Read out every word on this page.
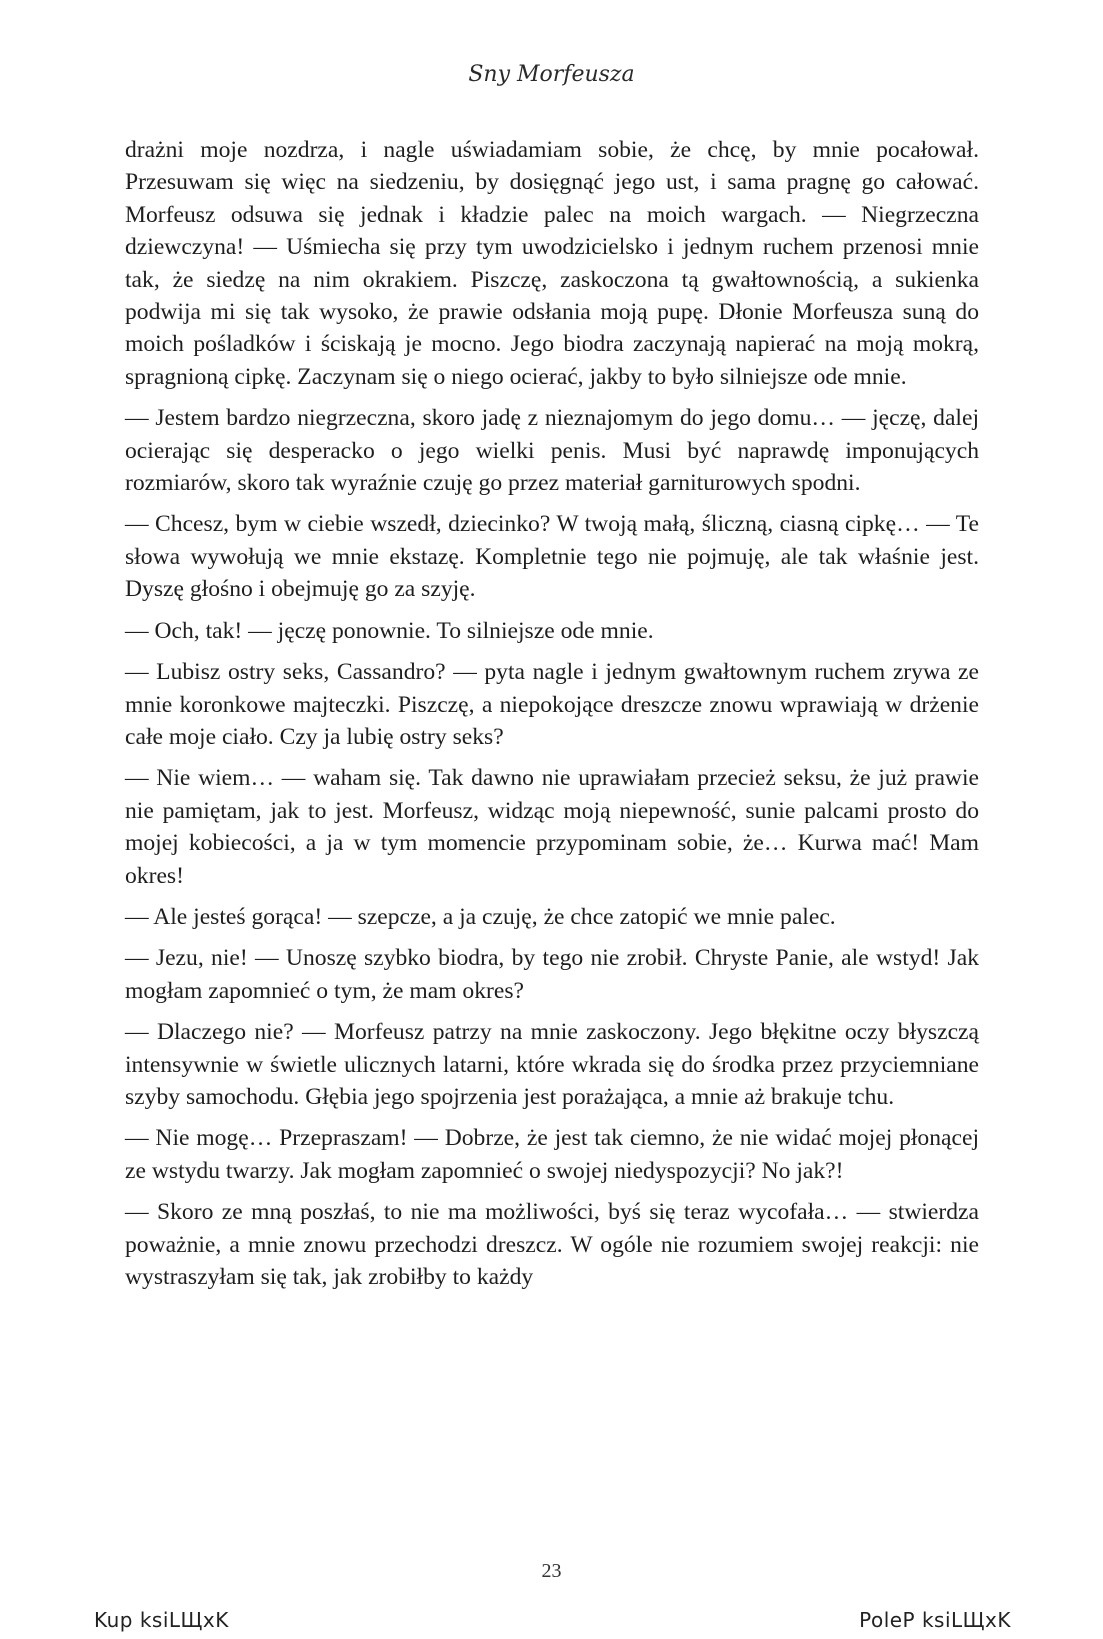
Sny Morfeusza

drażni moje nozdrza, i nagle uświadamiam sobie, że chcę, by mnie pocałował. Przesuwam się więc na siedzeniu, by dosięgnąć jego ust, i sama pragnę go całować. Morfeusz odsuwa się jednak i kładzie palec na moich wargach. — Niegrzeczna dziewczyna! — Uśmiecha się przy tym uwodzicielsko i jednym ruchem przenosi mnie tak, że siedzę na nim okrakiem. Piszczę, zaskoczona tą gwałtownością, a sukienka podwija mi się tak wysoko, że prawie odsłania moją pupę. Dłonie Morfeusza suną do moich pośladków i ściskają je mocno. Jego biodra zaczynają napierać na moją mokrą, spragnioną cipkę. Zaczynam się o niego ocierać, jakby to było silniejsze ode mnie.

— Jestem bardzo niegrzeczna, skoro jadę z nieznajomym do jego domu… — jęczę, dalej ocierając się desperacko o jego wielki penis. Musi być naprawdę imponujących rozmiarów, skoro tak wyraźnie czuję go przez materiał garniturowych spodni.

— Chcesz, bym w ciebie wszedł, dziecinko? W twoją małą, śliczną, ciasną cipkę… — Te słowa wywołują we mnie ekstazę. Kompletnie tego nie pojmuję, ale tak właśnie jest. Dyszę głośno i obejmuję go za szyję.

— Och, tak! — jęczę ponownie. To silniejsze ode mnie.

— Lubisz ostry seks, Cassandro? — pyta nagle i jednym gwałtownym ruchem zrywa ze mnie koronkowe majteczki. Piszczę, a niepokojące dreszcze znowu wprawiają w drżenie całe moje ciało. Czy ja lubię ostry seks?

— Nie wiem… — waham się. Tak dawno nie uprawiałam przecież seksu, że już prawie nie pamiętam, jak to jest. Morfeusz, widząc moją niepewność, sunie palcami prosto do mojej kobiecości, a ja w tym momencie przypominam sobie, że… Kurwa mać! Mam okres!

— Ale jesteś gorąca! — szepcze, a ja czuję, że chce zatopić we mnie palec.

— Jezu, nie! — Unoszę szybko biodra, by tego nie zrobił. Chryste Panie, ale wstyd! Jak mogłam zapomnieć o tym, że mam okres?

— Dlaczego nie? — Morfeusz patrzy na mnie zaskoczony. Jego błękitne oczy błyszczą intensywnie w świetle ulicznych latarni, które wkrada się do środka przez przyciemniane szyby samochodu. Głębia jego spojrzenia jest porażająca, a mnie aż brakuje tchu.

— Nie mogę… Przepraszam! — Dobrze, że jest tak ciemno, że nie widać mojej płonącej ze wstydu twarzy. Jak mogłam zapomnieć o swojej niedyspozycji? No jak?!

— Skoro ze mną poszłaś, to nie ma możliwości, byś się teraz wycofała… — stwierdza poważnie, a mnie znowu przechodzi dreszcz. W ogóle nie rozumiem swojej reakcji: nie wystraszyłam się tak, jak zrobiłby to każdy

23
Kup ksiLЩxK	PoleP ksiLЩxK
